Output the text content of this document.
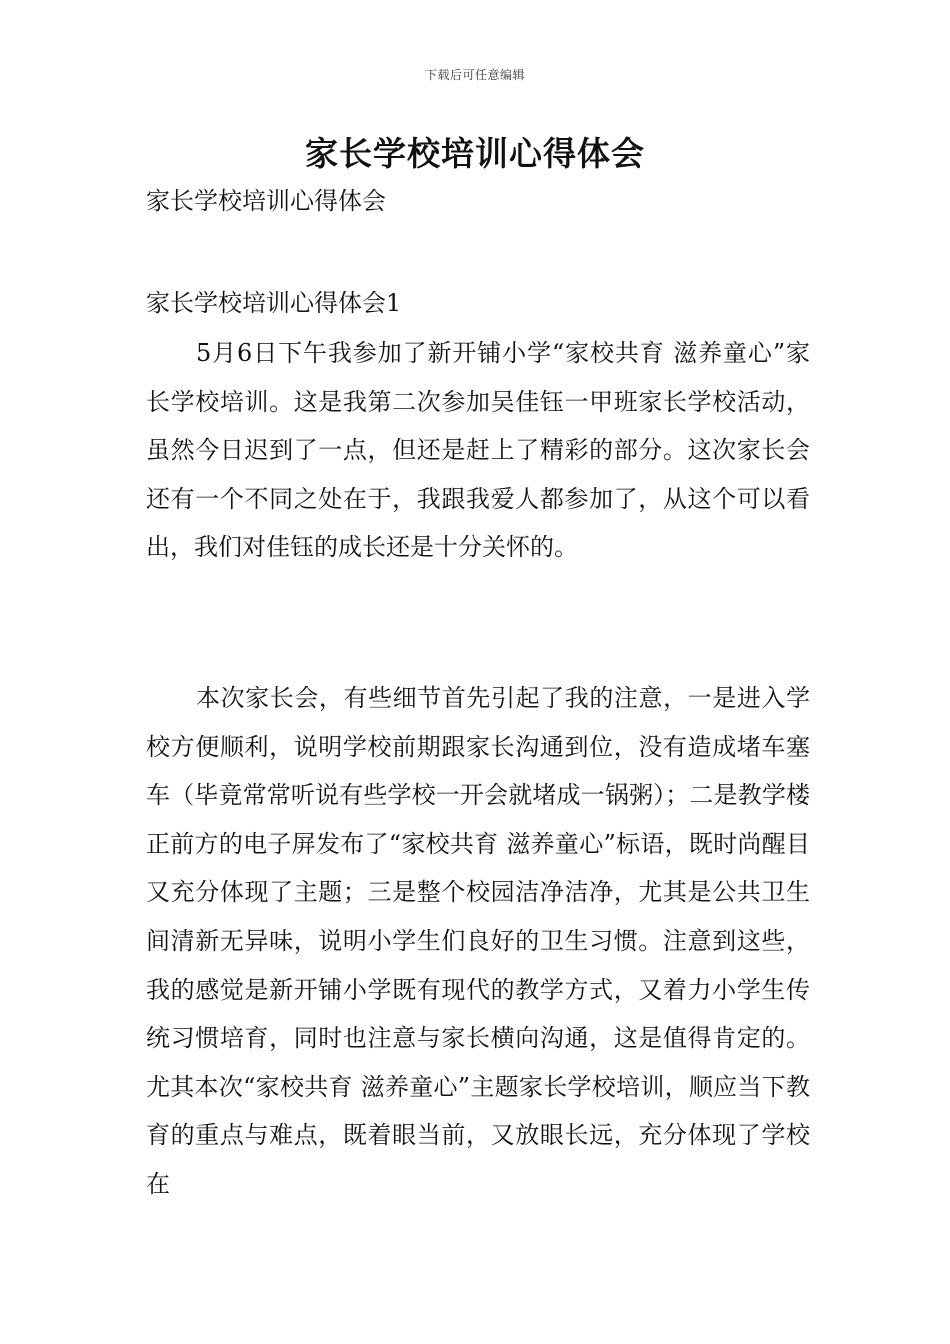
下载后可任意编辑
家长学校培训心得体会

家长学校培训心得体会

家长学校培训心得体会1

5月6日下午我参加了新开铺小学“家校共育 滋养童心”家长学校培训。这是我第二次参加吴佳钰一甲班家长学校活动，虽然今日迟到了一点，但还是赶上了精彩的部分。这次家长会还有一个不同之处在于，我跟我爱人都参加了，从这个可以看出，我们对佳钰的成长还是十分关怀的。

本次家长会，有些细节首先引起了我的注意，一是进入学校方便顺利，说明学校前期跟家长沟通到位，没有造成堵车塞车（毕竟常常听说有些学校一开会就堵成一锅粥）；二是教学楼正前方的电子屏发布了“家校共育 滋养童心”标语，既时尚醒目又充分体现了主题；三是整个校园洁净洁净，尤其是公共卫生间清新无异味，说明小学生们良好的卫生习惯。注意到这些，我的感觉是新开铺小学既有现代的教学方式，又着力小学生传统习惯培育，同时也注意与家长横向沟通，这是值得肯定的。尤其本次“家校共育 滋养童心”主题家长学校培训，顺应当下教育的重点与难点，既着眼当前，又放眼长远，充分体现了学校在
